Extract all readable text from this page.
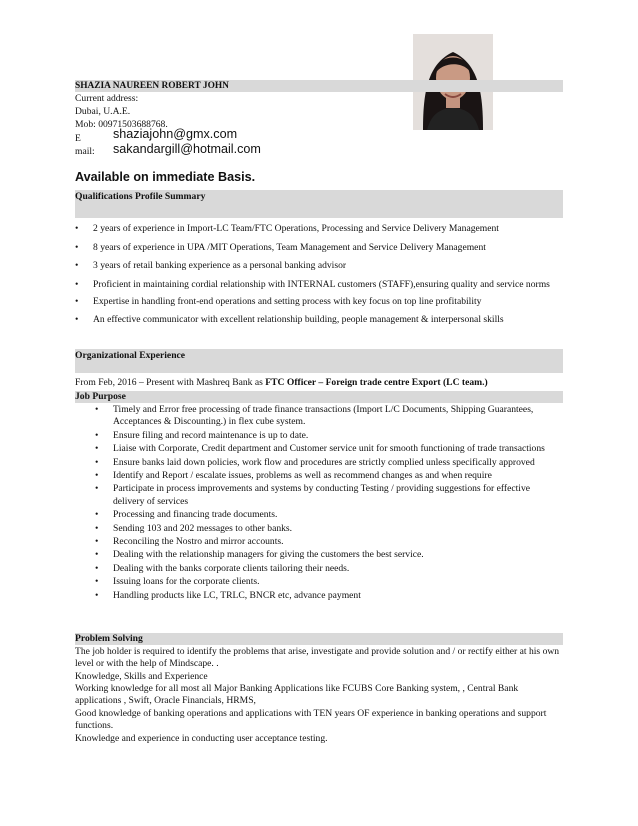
SHAZIA NAUREEN ROBERT JOHN
Current address:
Dubai, U.A.E.
Mob: 00971503688768.
E mail:
shaziajohn@gmx.com
sakandargill@hotmail.com
Available on immediate Basis.
Qualifications Profile Summary
• 2 years of experience in Import-LC Team/FTC Operations, Processing and Service Delivery Management
• 8 years of experience in UPA /MIT Operations, Team Management and Service Delivery Management
• 3 years of retail banking experience as a personal banking advisor
• Proficient in maintaining cordial relationship with INTERNAL customers (STAFF),ensuring quality and service norms
• Expertise in handling front-end operations and setting process with key focus on top line profitability
• An effective communicator with excellent relationship building, people management & interpersonal skills
Organizational Experience
From Feb, 2016 – Present with Mashreq Bank as FTC Officer – Foreign trade centre Export (LC team.)
Job Purpose
• Timely and Error free processing of trade finance transactions (Import L/C Documents, Shipping Guarantees, Acceptances & Discounting.) in flex cube system.
• Ensure filing and record maintenance is up to date.
• Liaise with Corporate, Credit department and Customer service unit for smooth functioning of trade transactions
• Ensure banks laid down policies, work flow and procedures are strictly complied unless specifically approved
• Identify and Report / escalate issues, problems as well as recommend changes as and when require
• Participate in process improvements and systems by conducting Testing / providing suggestions for effective delivery of services
• Processing and financing trade documents.
• Sending 103 and 202 messages to other banks.
• Reconciling the Nostro and mirror accounts.
• Dealing with the relationship managers for giving the customers the best service.
• Dealing with the banks corporate clients tailoring their needs.
• Issuing loans for the corporate clients.
• Handling products like LC, TRLC, BNCR etc, advance payment
Problem Solving
The job holder is required to identify the problems that arise, investigate and provide solution and / or rectify either at his own level or with the help of Mindscape. .
Knowledge, Skills and Experience
Working knowledge for all most all Major Banking Applications like FCUBS Core Banking system, , Central Bank applications , Swift, Oracle Financials, HRMS,
Good knowledge of banking operations and applications with TEN years OF experience in banking operations and support functions.
Knowledge and experience in conducting user acceptance testing.
